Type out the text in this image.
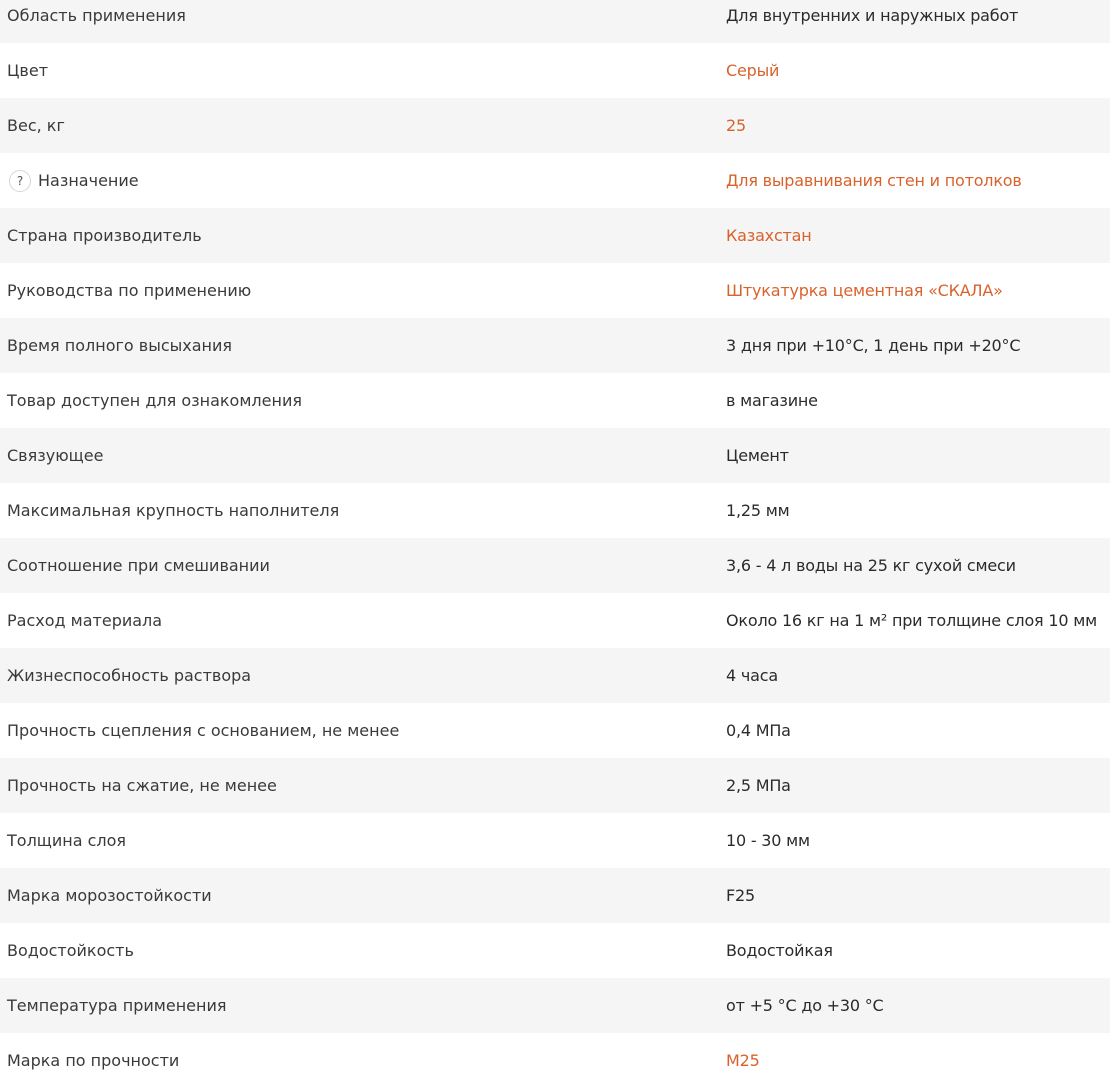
Область применения	Для внутренних и наружных работ
Цвет	Серый
Вес, кг	25
? Назначение	Для выравнивания стен и потолков
Страна производитель	Казахстан
Руководства по применению	Штукатурка цементная «СКАЛА»
Время полного высыхания	3 дня при +10°С, 1 день при +20°С
Товар доступен для ознакомления	в магазине
Связующее	Цемент
Максимальная крупность наполнителя	1,25 мм
Соотношение при смешивании	3,6 - 4 л воды на 25 кг сухой смеси
Расход материала	Около 16 кг на 1 м² при толщине слоя 10 мм
Жизнеспособность раствора	4 часа
Прочность сцепления с основанием, не менее	0,4 МПа
Прочность на сжатие, не менее	2,5 МПа
Толщина слоя	10 - 30 мм
Марка морозостойкости	F25
Водостойкость	Водостойкая
Температура применения	от +5 °С до +30 °С
Марка по прочности	М25
